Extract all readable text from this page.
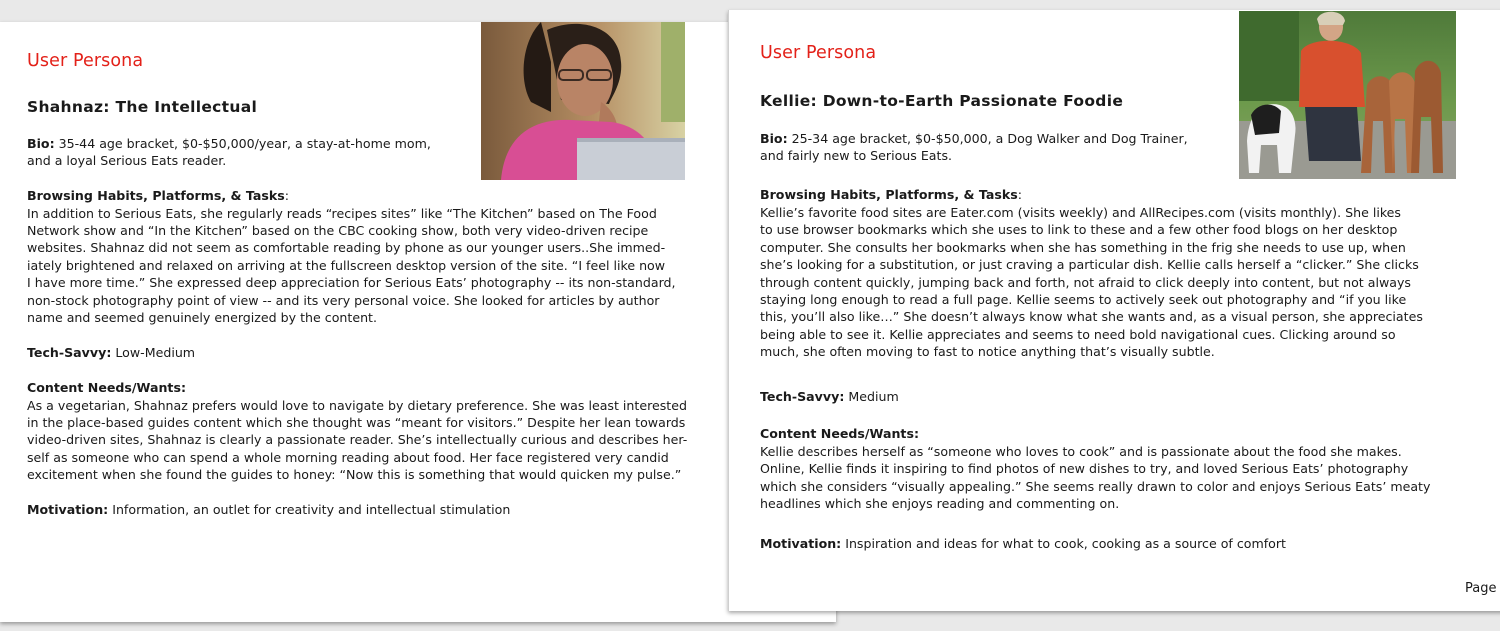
User Persona
Shahnaz: The Intellectual
Bio: 35-44 age bracket, $0-$50,000/year, a stay-at-home mom,
and a loyal Serious Eats reader.
Browsing Habits, Platforms, & Tasks:
In addition to Serious Eats, she regularly reads “recipes sites” like “The Kitchen” based on The Food
Network show and “In the Kitchen” based on the CBC cooking show, both very video-driven recipe
websites. Shahnaz did not seem as comfortable reading by phone as our younger users..She immed-
iately brightened and relaxed on arriving at the fullscreen desktop version of the site. “I feel like now
I have more time.” She expressed deep appreciation for Serious Eats’ photography -- its non-standard,
non-stock photography point of view -- and its very personal voice. She looked for articles by author
name and seemed genuinely energized by the content.
Tech-Savvy: Low-Medium
Content Needs/Wants:
As a vegetarian, Shahnaz prefers would love to navigate by dietary preference. She was least interested
in the place-based guides content which she thought was “meant for visitors.” Despite her lean towards
video-driven sites, Shahnaz is clearly a passionate reader. She’s intellectually curious and describes her-
self as someone who can spend a whole morning reading about food. Her face registered very candid
excitement when she found the guides to honey: “Now this is something that would quicken my pulse.”
Motivation: Information, an outlet for creativity and intellectual stimulation
User Persona
Kellie: Down-to-Earth Passionate Foodie
Bio: 25-34 age bracket, $0-$50,000, a Dog Walker and Dog Trainer,
and fairly new to Serious Eats.
Browsing Habits, Platforms, & Tasks:
Kellie’s favorite food sites are Eater.com (visits weekly) and AllRecipes.com (visits monthly). She likes
to use browser bookmarks which she uses to link to these and a few other food blogs on her desktop
computer. She consults her bookmarks when she has something in the frig she needs to use up, when
she’s looking for a substitution, or just craving a particular dish. Kellie calls herself a “clicker.” She clicks
through content quickly, jumping back and forth, not afraid to click deeply into content, but not always
staying long enough to read a full page. Kellie seems to actively seek out photography and “if you like
this, you’ll also like…” She doesn’t always know what she wants and, as a visual person, she appreciates
being able to see it. Kellie appreciates and seems to need bold navigational cues. Clicking around so
much, she often moving to fast to notice anything that’s visually subtle.
Tech-Savvy: Medium
Content Needs/Wants:
Kellie describes herself as “someone who loves to cook” and is passionate about the food she makes.
Online, Kellie finds it inspiring to find photos of new dishes to try, and loved Serious Eats’ photography
which she considers “visually appealing.” She seems really drawn to color and enjoys Serious Eats’ meaty
headlines which she enjoys reading and commenting on.
Motivation: Inspiration and ideas for what to cook, cooking as a source of comfort
Page
